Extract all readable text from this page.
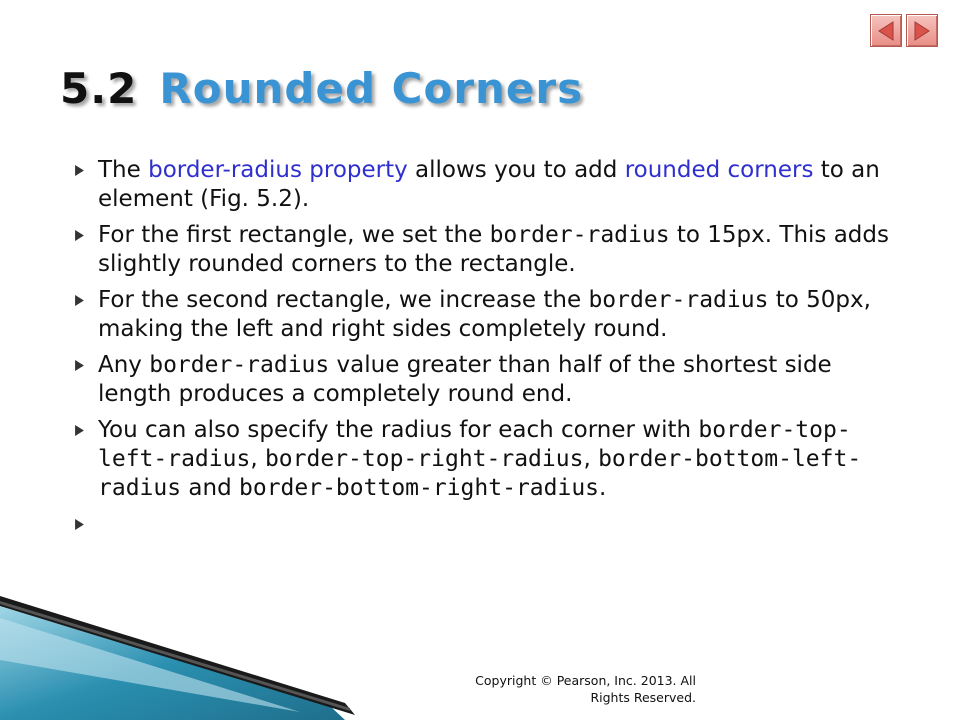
5.2 Rounded Corners
The border-radius property allows you to add rounded corners to an element (Fig. 5.2).
For the first rectangle, we set the border-radius to 15px. This adds slightly rounded corners to the rectangle.
For the second rectangle, we increase the border-radius to 50px, making the left and right sides completely round.
Any border-radius value greater than half of the shortest side length produces a completely round end.
You can also specify the radius for each corner with border-top-left-radius, border-top-right-radius, border-bottom-left-radius and border-bottom-right-radius.

Copyright © Pearson, Inc. 2013. All Rights Reserved.
